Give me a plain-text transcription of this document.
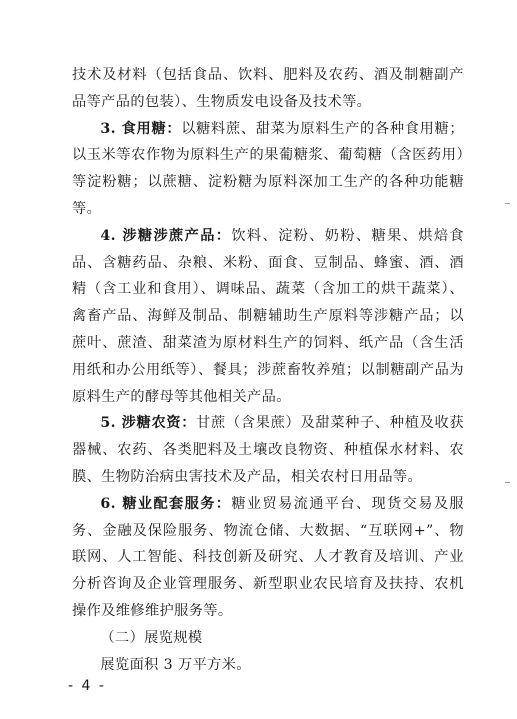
技术及材料（包括食品、饮料、肥料及农药、酒及制糖副产品等产品的包装）、生物质发电设备及技术等。

3. 食用糖：以糖料蔗、甜菜为原料生产的各种食用糖；以玉米等农作物为原料生产的果葡糖浆、葡萄糖（含医药用）等淀粉糖；以蔗糖、淀粉糖为原料深加工生产的各种功能糖等。

4. 涉糖涉蔗产品：饮料、淀粉、奶粉、糖果、烘焙食品、含糖药品、杂粮、米粉、面食、豆制品、蜂蜜、酒、酒精（含工业和食用）、调味品、蔬菜（含加工的烘干蔬菜）、禽畜产品、海鲜及制品、制糖辅助生产原料等涉糖产品；以蔗叶、蔗渣、甜菜渣为原材料生产的饲料、纸产品（含生活用纸和办公用纸等）、餐具；涉蔗畜牧养殖；以制糖副产品为原料生产的酵母等其他相关产品。

5. 涉糖农资：甘蔗（含果蔗）及甜菜种子、种植及收获器械、农药、各类肥料及土壤改良物资、种植保水材料、农膜、生物防治病虫害技术及产品，相关农村日用品等。

6. 糖业配套服务：糖业贸易流通平台、现货交易及服务、金融及保险服务、物流仓储、大数据、“互联网+”、物联网、人工智能、科技创新及研究、人才教育及培训、产业分析咨询及企业管理服务、新型职业农民培育及扶持、农机操作及维修维护服务等。

（二）展览规模

展览面积 3 万平方米。

- 4 -
